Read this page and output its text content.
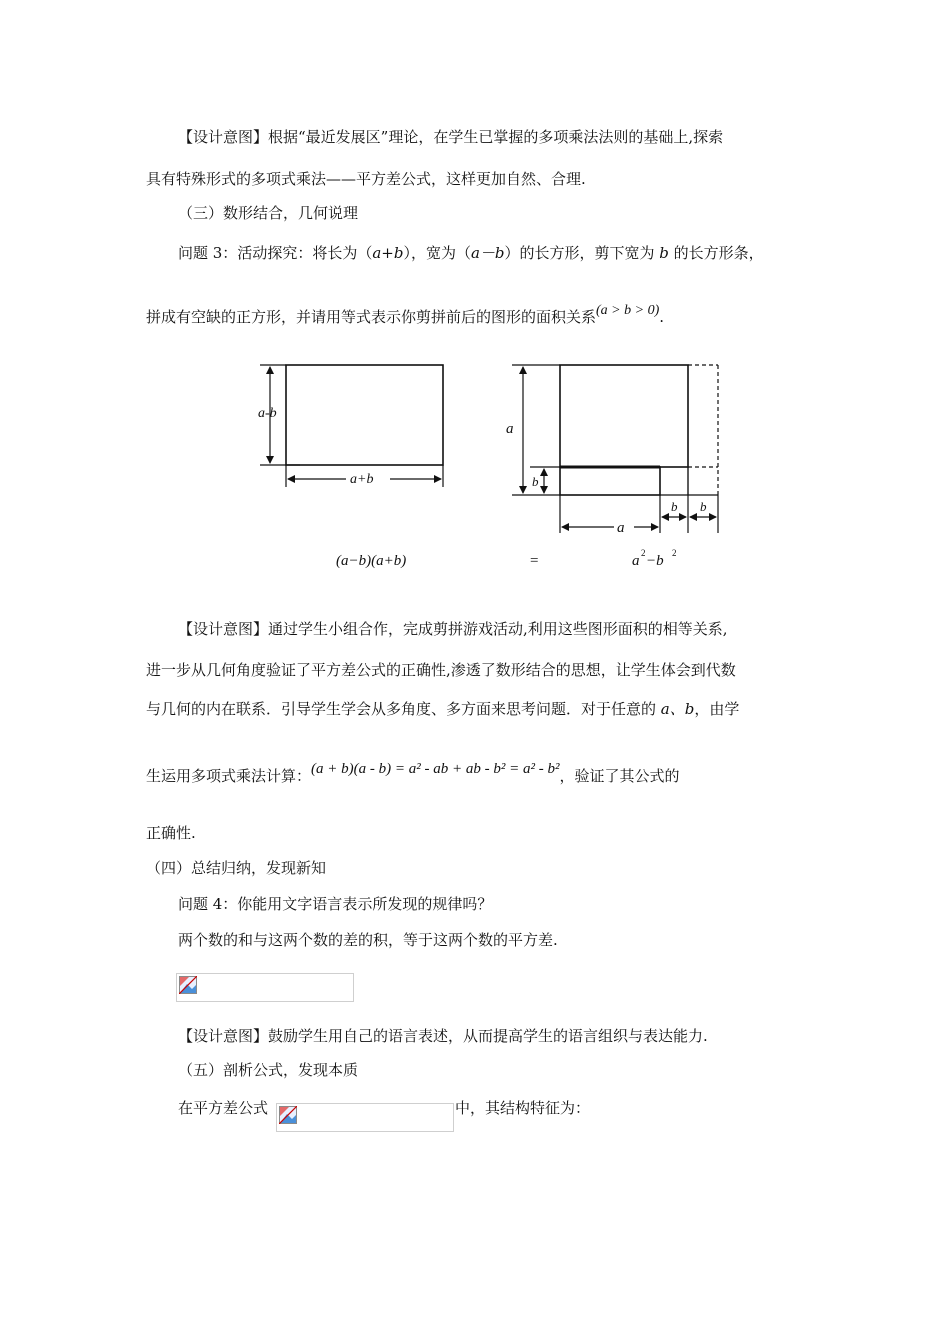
【设计意图】根据“最近发展区”理论，在学生已掌握的多项乘法法则的基础上,探索
具有特殊形式的多项式乘法——平方差公式，这样更加自然、合理.
（三）数形结合，几何说理
问题 3：活动探究：将长为（a+b），宽为（a－b）的长方形，剪下宽为 b 的长方形条，
拼成有空缺的正方形，并请用等式表示你剪拼前后的图形的面积关系(a > b > 0).
a-b
a+b
a
b
a
b b
(a−b)(a+b)	=	a 2 −b 2
【设计意图】通过学生小组合作，完成剪拼游戏活动,利用这些图形面积的相等关系,
进一步从几何角度验证了平方差公式的正确性,渗透了数形结合的思想，让学生体会到代数
与几何的内在联系．引导学生学会从多角度、多方面来思考问题．对于任意的 a、b，由学
生运用多项式乘法计算：(a + b)(a - b) = a² - ab + ab - b² = a² - b²，验证了其公式的
正确性.
（四）总结归纳，发现新知
问题 4：你能用文字语言表示所发现的规律吗？
两个数的和与这两个数的差的积，等于这两个数的平方差.
【设计意图】鼓励学生用自己的语言表述，从而提高学生的语言组织与表达能力.
（五）剖析公式，发现本质
在平方差公式	中，其结构特征为：
